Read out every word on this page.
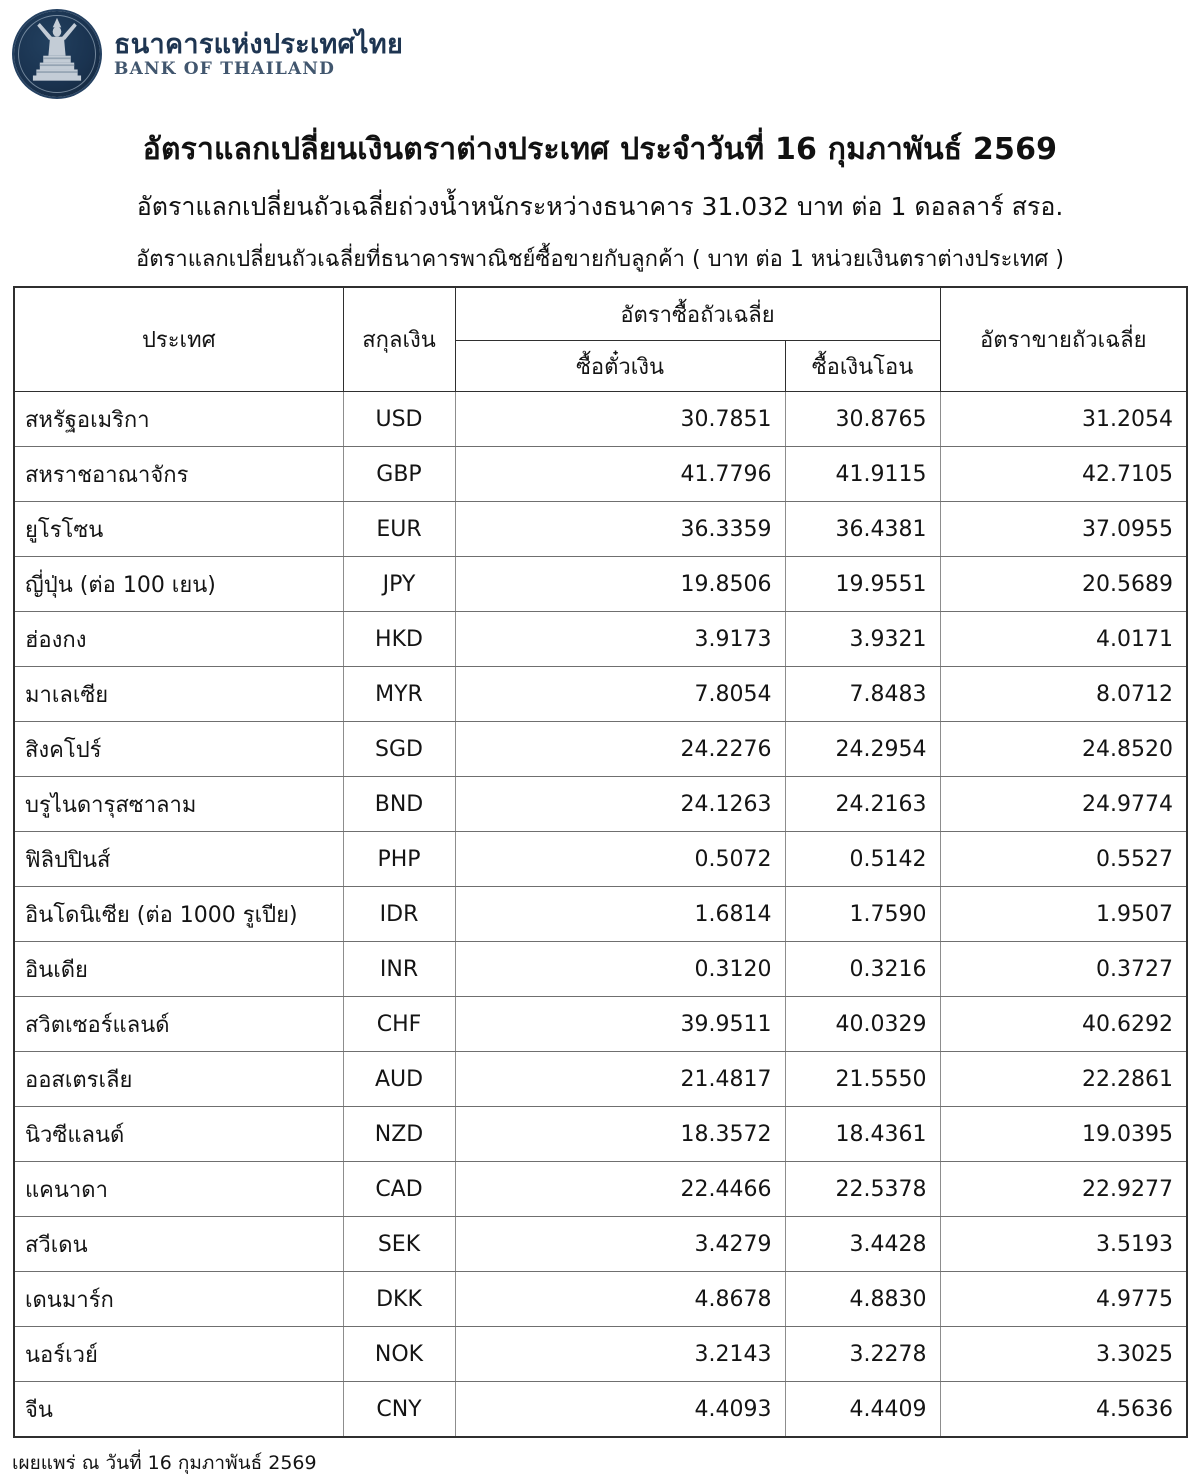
ธนาคารแห่งประเทศไทย
BANK OF THAILAND
อัตราแลกเปลี่ยนเงินตราต่างประเทศ ประจำวันที่ 16 กุมภาพันธ์ 2569
อัตราแลกเปลี่ยนถัวเฉลี่ยถ่วงน้ำหนักระหว่างธนาคาร 31.032 บาท ต่อ 1 ดอลลาร์ สรอ.
อัตราแลกเปลี่ยนถัวเฉลี่ยที่ธนาคารพาณิชย์ซื้อขายกับลูกค้า ( บาท ต่อ 1 หน่วยเงินตราต่างประเทศ )
ประเทศ	สกุลเงิน	อัตราซื้อถัวเฉลี่ย		อัตราขายถัวเฉลี่ย
		ซื้อตั๋วเงิน	ซื้อเงินโอน	
สหรัฐอเมริกา	USD	30.7851	30.8765	31.2054
สหราชอาณาจักร	GBP	41.7796	41.9115	42.7105
ยูโรโซน	EUR	36.3359	36.4381	37.0955
ญี่ปุ่น (ต่อ 100 เยน)	JPY	19.8506	19.9551	20.5689
ฮ่องกง	HKD	3.9173	3.9321	4.0171
มาเลเซีย	MYR	7.8054	7.8483	8.0712
สิงคโปร์	SGD	24.2276	24.2954	24.8520
บรูไนดารุสซาลาม	BND	24.1263	24.2163	24.9774
ฟิลิปปินส์	PHP	0.5072	0.5142	0.5527
อินโดนิเซีย (ต่อ 1000 รูเปีย)	IDR	1.6814	1.7590	1.9507
อินเดีย	INR	0.3120	0.3216	0.3727
สวิตเซอร์แลนด์	CHF	39.9511	40.0329	40.6292
ออสเตรเลีย	AUD	21.4817	21.5550	22.2861
นิวซีแลนด์	NZD	18.3572	18.4361	19.0395
แคนาดา	CAD	22.4466	22.5378	22.9277
สวีเดน	SEK	3.4279	3.4428	3.5193
เดนมาร์ก	DKK	4.8678	4.8830	4.9775
นอร์เวย์	NOK	3.2143	3.2278	3.3025
จีน	CNY	4.4093	4.4409	4.5636
เผยแพร่ ณ วันที่ 16 กุมภาพันธ์ 2569
